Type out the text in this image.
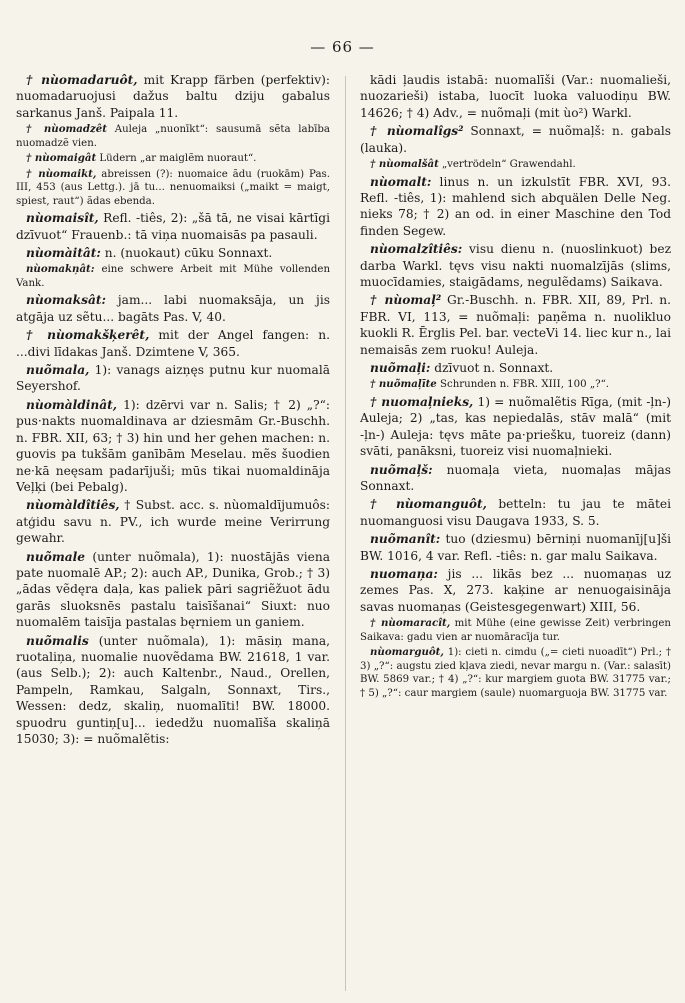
— 66 —

† nùomadaruôt, mit Krapp färben (perfektiv): nuomadaruojusi dažus baltu dziju gabalus sarkanus Janš. Paipala 11.

† nùomadzêt Auleja „nuonīkt“: sausumā sẽta labība nuomadzẽ vien.

† nùomaigât Lüdern „ar maiglẽm nuoraut“.

† nùomaikt, abreissen (?): nuomaice ãdu (ruokām) Pas. III, 453 (aus Lettg.). jā tu... nenuomaiksi („maikt = maigt, spiest, raut“) ãdas ebenda.

nùomaisît, Refl. -tiês, 2): „šā tā, ne visai kārtīgi dzīvuot“ Frauenb.: tā viņa nuomaisās pa pasauli.

nùomàitât: n. (nuokaut) cūku Sonnaxt.

nùomakņât: eine schwere Arbeit mit Mühe vollenden Vank.

nùomaksât: jam... labi nuomaksāja, un jis atgāja uz sẽtu... bagāts Pas. V, 40.

† nùomakšķerêt, mit der Angel fangen: n. ...divi līdakas Janš. Dzimtene V, 365.

nuõmala, 1): vanags aizņęs putnu kur nuomalā Seyershof.

nùomàldinât, 1): dzērvi var n. Salis; † 2) „?“: pus·nakts nuomaldinava ar dziesmām Gr.-Buschh. n. FBR. XII, 63; † 3) hin und her gehen machen: n. guovis pa tukšām ganībām Meselau. mẽs šuodien ne·kā neęsam padarījuši; mūs tikai nuomaldināja Veļķi (bei Pebalg).

nùomàldîtiês, † Subst. acc. s. nùomaldījumuôs: atģidu savu n. PV., ich wurde meine Verirrung gewahr.

nuõmale (unter nuõmala), 1): nuostājās viena pate nuomalē AP.; 2): auch AP., Dunika, Grob.; † 3) „ādas vẽdęra daļa, kas paliek pāri sagriẽžuot ādu garās sluoksnēs pastalu taisīšanai“ Siuxt: nuo nuomalēm taisīja pastalas bęrniem un ganiem.

nuõmalis (unter nuõmala), 1): māsiņ mana, ruotaliņa, nuomalie nuovẽdama BW. 21618, 1 var. (aus Selb.); 2): auch Kaltenbr., Naud., Orellen, Pampeln, Ramkau, Salgaln, Sonnaxt, Tirs., Wessen: dedz, skaliņ, nuomalīti! BW. 18000. spuodru guntiņ[u]... iededžu nuomalīša skaliņā 15030; 3): = nuõmalẽtis:

kādi ļaudis istabā: nuomalīši (Var.: nuomalieši, nuozarieši) istaba, luocīt luoka valuodiņu BW. 14626; † 4) Adv., = nuõmaļi (mit ùo²) Warkl.

† nùomalîgs² Sonnaxt, = nuõmaļš: n. gabals (lauka).

† nùomalšât „vertrödeln“ Grawendahl.

nùomalt: linus n. un izkulstīt FBR. XVI, 93. Refl. -tiês, 1): mahlend sich abquälen Delle Neg. nieks 78; † 2) an od. in einer Maschine den Tod finden Segew.

nùomalzîtiês: visu dienu n. (nuoslinkuot) bez darba Warkl. tęvs visu nakti nuomalzījās (slims, muocīdamies, staigādams, negulẽdams) Saikava.

† nùomaļ² Gr.-Buschh. n. FBR. XII, 89, Prl. n. FBR. VI, 113, = nuõmaļi: paņẽma n. nuolikluo kuokli R. Ērglis Pel. bar. vecteVi 14. liec kur n., lai nemaisās zem ruoku! Auleja.

nuõmaļi: dzīvuot n. Sonnaxt.

† nuõmaļīte Schrunden n. FBR. XIII, 100 „?“.

† nuomaļnieks, 1) = nuõmalẽtis Rīga, (mit -ļn-) Auleja; 2) „tas, kas nepiedalās, stāv malā“ (mit -ļn-) Auleja: tęvs māte pa·priešku, tuoreiz (dann) svāti, panāksni, tuoreiz visi nuomaļnieki.

nuõmaļš: nuomaļa vieta, nuomaļas mājas Sonnaxt.

† nùomanguôt, betteln: tu jau te mātei nuomanguosi visu Daugava 1933, S. 5.

nuõmanît: tuo (dziesmu) bērniņi nuomanīj[u]ši BW. 1016, 4 var. Refl. -tiês: n. gar malu Saikava.

nuomaņa: jis ... likās bez ... nuomaņas uz zemes Pas. X, 273. kaķine ar nenuogaisināja savas nuomaņas (Geistesgegenwart) XIII, 56.

† nùomaracît, mit Mühe (eine gewisse Zeit) verbringen Saikava: gadu vien ar nuomāracīja tur.

nùomarguôt, 1): cieti n. cimdu („= cieti nuoadīt“) Prl.; † 3) „?“: augstu zied kļava ziedi, nevar margu n. (Var.: salasīt) BW. 5869 var.; † 4) „?“: kur margiem guota BW. 31775 var.; † 5) „?“: caur margiem (saule) nuomarguoja BW. 31775 var.
